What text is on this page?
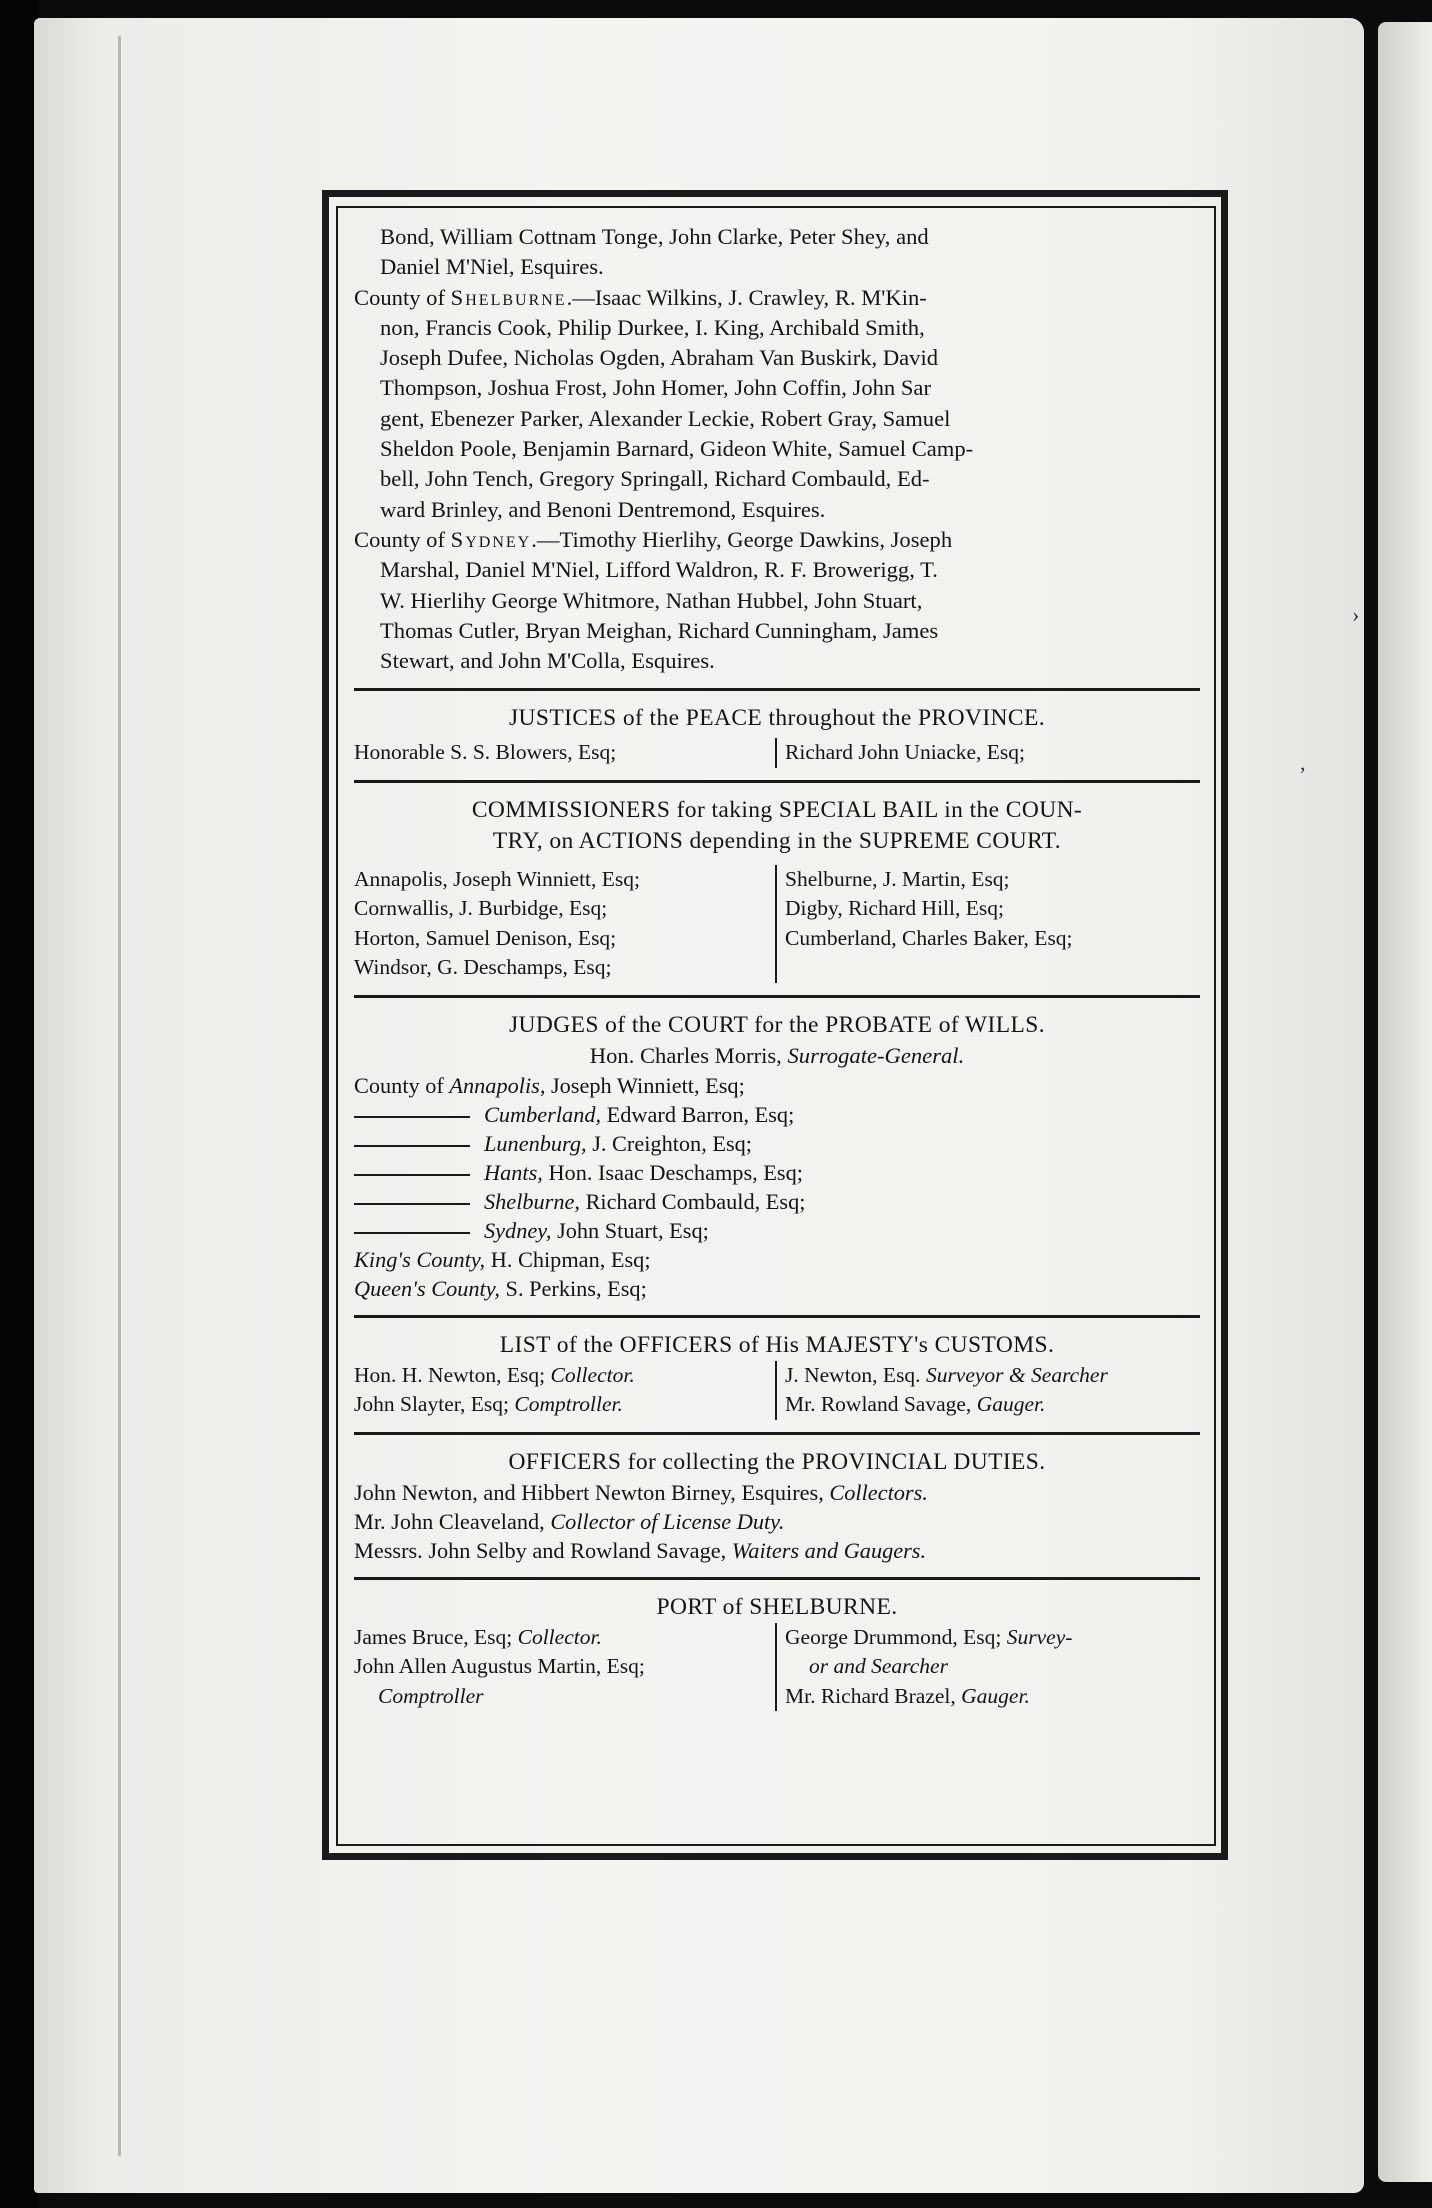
›
,

Bond, William Cottnam Tonge, John Clarke, Peter Shey, and

Daniel M'Niel, Esquires.

County of Shelburne.—Isaac Wilkins, J. Crawley, R. M'Kin-

non, Francis Cook, Philip Durkee, I. King, Archibald Smith,

Joseph Dufee, Nicholas Ogden, Abraham Van Buskirk, David

Thompson, Joshua Frost, John Homer, John Coffin, John Sar

gent, Ebenezer Parker, Alexander Leckie, Robert Gray, Samuel

Sheldon Poole, Benjamin Barnard, Gideon White, Samuel Camp-

bell, John Tench, Gregory Springall, Richard Combauld, Ed-

ward Brinley, and Benoni Dentremond, Esquires.

County of Sydney.—Timothy Hierlihy, George Dawkins, Joseph

Marshal, Daniel M'Niel, Lifford Waldron, R. F. Browerigg, T.

W. Hierlihy George Whitmore, Nathan Hubbel, John Stuart,

Thomas Cutler, Bryan Meighan, Richard Cunningham, James

Stewart, and John M'Colla, Esquires.

JUSTICES of the PEACE throughout the PROVINCE.

Honorable S. S. Blowers, Esq;	Richard John Uniacke, Esq;

COMMISSIONERS for taking SPECIAL BAIL in the COUN-

TRY, on ACTIONS depending in the SUPREME COURT.

Annapolis, Joseph Winniett, Esq;
Cornwallis, J. Burbidge, Esq;
Horton, Samuel Denison, Esq;
Windsor, G. Deschamps, Esq;
Shelburne, J. Martin, Esq;
Digby, Richard Hill, Esq;
Cumberland, Charles Baker, Esq;

JUDGES of the COURT for the PROBATE of WILLS.

Hon. Charles Morris, Surrogate-General.

County of Annapolis, Joseph Winniett, Esq;
Cumberland, Edward Barron, Esq;
Lunenburg, J. Creighton, Esq;
Hants, Hon. Isaac Deschamps, Esq;
Shelburne, Richard Combauld, Esq;
Sydney, John Stuart, Esq;
King's County, H. Chipman, Esq;
Queen's County, S. Perkins, Esq;

LIST of the OFFICERS of His MAJESTY's CUSTOMS.

Hon. H. Newton, Esq; Collector.
John Slayter, Esq; Comptroller.
J. Newton, Esq. Surveyor & Searcher
Mr. Rowland Savage, Gauger.

OFFICERS for collecting the PROVINCIAL DUTIES.

John Newton, and Hibbert Newton Birney, Esquires, Collectors.
Mr. John Cleaveland, Collector of License Duty.
Messrs. John Selby and Rowland Savage, Waiters and Gaugers.

PORT of SHELBURNE.

James Bruce, Esq; Collector.
John Allen Augustus Martin, Esq;
Comptroller
George Drummond, Esq; Survey-
or and Searcher
Mr. Richard Brazel, Gauger.
